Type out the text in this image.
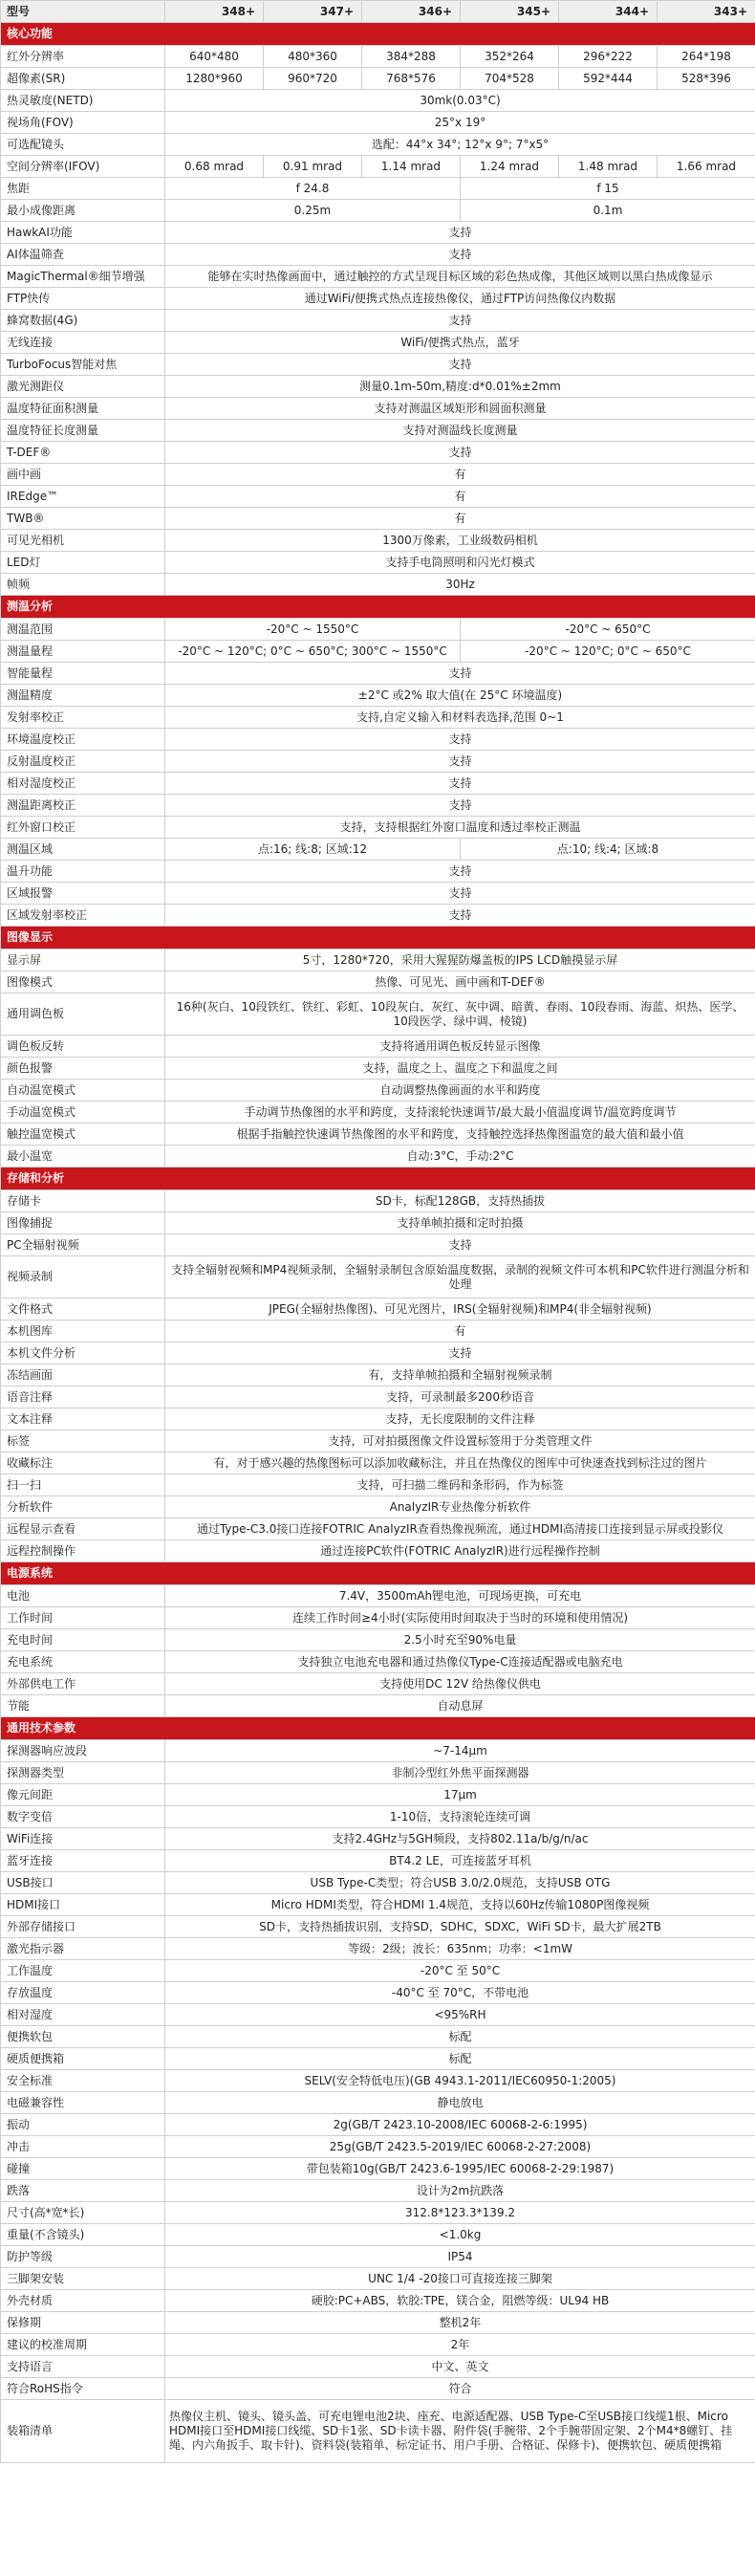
型号	348+	347+	346+	345+	344+	343+
核心功能						
红外分辨率	640*480	480*360	384*288	352*264	296*222	264*198
超像素(SR)	1280*960	960*720	768*576	704*528	592*444	528*396
热灵敏度(NETD)	30mk(0.03°C)					
视场角(FOV)	25°x 19°					
可选配镜头	选配：44°x 34°; 12°x 9°; 7°x5°					
空间分辨率(IFOV)	0.68 mrad	0.91 mrad	1.14 mrad	1.24 mrad	1.48 mrad	1.66 mrad
焦距	f 24.8			f 15		
最小成像距离	0.25m			0.1m		
HawkAI功能	支持					
AI体温筛查	支持					
MagicThermal®细节增强	能够在实时热像画面中，通过触控的方式呈现目标区域的彩色热成像，其他区域则以黑白热成像显示					
FTP快传	通过WiFi/便携式热点连接热像仪，通过FTP访问热像仪内数据					
蜂窝数据(4G)	支持					
无线连接	WiFi/便携式热点，蓝牙					
TurboFocus智能对焦	支持					
激光测距仪	测量0.1m-50m,精度:d*0.01%±2mm					
温度特征面积测量	支持对测温区域矩形和圆面积测量					
温度特征长度测量	支持对测温线长度测量					
T-DEF®	支持					
画中画	有					
IREdge™	有					
TWB®	有					
可见光相机	1300万像素，工业级数码相机					
LED灯	支持手电筒照明和闪光灯模式					
帧频	30Hz					
测温分析						
测温范围	-20°C ~ 1550°C			-20°C ~ 650°C		
测温量程	-20°C ~ 120°C; 0°C ~ 650°C; 300°C ~ 1550°C			-20°C ~ 120°C; 0°C ~ 650°C		
智能量程	支持					
测温精度	±2°C 或2% 取大值(在 25°C 环境温度)					
发射率校正	支持,自定义输入和材料表选择,范围 0~1					
环境温度校正	支持					
反射温度校正	支持					
相对湿度校正	支持					
测温距离校正	支持					
红外窗口校正	支持，支持根据红外窗口温度和透过率校正测温					
测温区域	点:16; 线:8; 区域:12			点:10; 线:4; 区域:8		
温升功能	支持					
区域报警	支持					
区域发射率校正	支持					
图像显示						
显示屏	5寸，1280*720，采用大猩猩防爆盖板的IPS LCD触摸显示屏					
图像模式	热像、可见光、画中画和T-DEF®					
通用调色板	16种(灰白、10段铁红、铁红、彩虹、10段灰白、灰红、灰中调、暗黄、春雨、10段春雨、海蓝、炽热、医学、10段医学、绿中调、棱镜)					
调色板反转	支持将通用调色板反转显示图像					
颜色报警	支持，温度之上、温度之下和温度之间					
自动温宽模式	自动调整热像画面的水平和跨度					
手动温宽模式	手动调节热像图的水平和跨度，支持滚轮快速调节/最大最小值温度调节/温宽跨度调节					
触控温宽模式	根据手指触控快速调节热像图的水平和跨度，支持触控选择热像图温宽的最大值和最小值					
最小温宽	自动:3°C，手动:2°C					
存储和分析						
存储卡	SD卡，标配128GB，支持热插拔					
图像捕捉	支持单帧拍摄和定时拍摄					
PC全辐射视频	支持					
视频录制	支持全辐射视频和MP4视频录制，全辐射录制包含原始温度数据，录制的视频文件可本机和PC软件进行测温分析和处理					
文件格式	JPEG(全辐射热像图)、可见光图片，IRS(全辐射视频)和MP4(非全辐射视频)					
本机图库	有					
本机文件分析	支持					
冻结画面	有，支持单帧拍摄和全辐射视频录制					
语音注释	支持，可录制最多200秒语音					
文本注释	支持，无长度限制的文件注释					
标签	支持，可对拍摄图像文件设置标签用于分类管理文件					
收藏标注	有，对于感兴趣的热像图标可以添加收藏标注，并且在热像仪的图库中可快速查找到标注过的图片					
扫一扫	支持，可扫描二维码和条形码，作为标签					
分析软件	AnalyzIR专业热像分析软件					
远程显示查看	通过Type-C3.0接口连接FOTRIC AnalyzIR查看热像视频流，通过HDMI高清接口连接到显示屏或投影仪					
远程控制操作	通过连接PC软件(FOTRIC AnalyzIR)进行远程操作控制					
电源系统						
电池	7.4V，3500mAh锂电池，可现场更换，可充电					
工作时间	连续工作时间≥4小时(实际使用时间取决于当时的环境和使用情况)					
充电时间	2.5小时充至90%电量					
充电系统	支持独立电池充电器和通过热像仪Type-C连接适配器或电脑充电					
外部供电工作	支持使用DC 12V 给热像仪供电					
节能	自动息屏					
通用技术参数						
探测器响应波段	~7-14μm					
探测器类型	非制冷型红外焦平面探测器					
像元间距	17μm					
数字变倍	1-10倍，支持滚轮连续可调					
WiFi连接	支持2.4GHz与5GH频段，支持802.11a/b/g/n/ac					
蓝牙连接	BT4.2 LE，可连接蓝牙耳机					
USB接口	USB Type-C类型；符合USB 3.0/2.0规范，支持USB OTG					
HDMI接口	Micro HDMI类型，符合HDMI 1.4规范，支持以60Hz传输1080P图像视频					
外部存储接口	SD卡，支持热插拔识别，支持SD，SDHC，SDXC，WiFi SD卡，最大扩展2TB					
激光指示器	等级：2级；波长：635nm；功率：<1mW					
工作温度	-20°C 至 50°C					
存放温度	-40°C 至 70°C，不带电池					
相对湿度	<95%RH					
便携软包	标配					
硬质便携箱	标配					
安全标准	SELV(安全特低电压)(GB 4943.1-2011/IEC60950-1:2005)					
电磁兼容性	静电放电					
振动	2g(GB/T 2423.10-2008/IEC 60068-2-6:1995)					
冲击	25g(GB/T 2423.5-2019/IEC 60068-2-27:2008)					
碰撞	带包装箱10g(GB/T 2423.6-1995/IEC 60068-2-29:1987)					
跌落	设计为2m抗跌落					
尺寸(高*宽*长)	312.8*123.3*139.2					
重量(不含镜头)	<1.0kg					
防护等级	IP54					
三脚架安装	UNC 1/4 -20接口可直接连接三脚架					
外壳材质	硬胶:PC+ABS，软胶:TPE，镁合金，阻燃等级：UL94 HB					
保修期	整机2年					
建议的校准周期	2年					
支持语言	中文、英文					
符合RoHS指令	符合					
装箱清单	热像仪主机、镜头、镜头盖、可充电锂电池2块、座充、电源适配器、USB Type-C至USB接口线缆1根、Micro HDMI接口至HDMI接口线缆、SD卡1张、SD卡读卡器、附件袋(手腕带、2个手腕带固定架、2个M4*8螺钉、挂绳、内六角扳手、取卡针)、资料袋(装箱单、标定证书、用户手册、合格证、保修卡)、便携软包、硬质便携箱					
